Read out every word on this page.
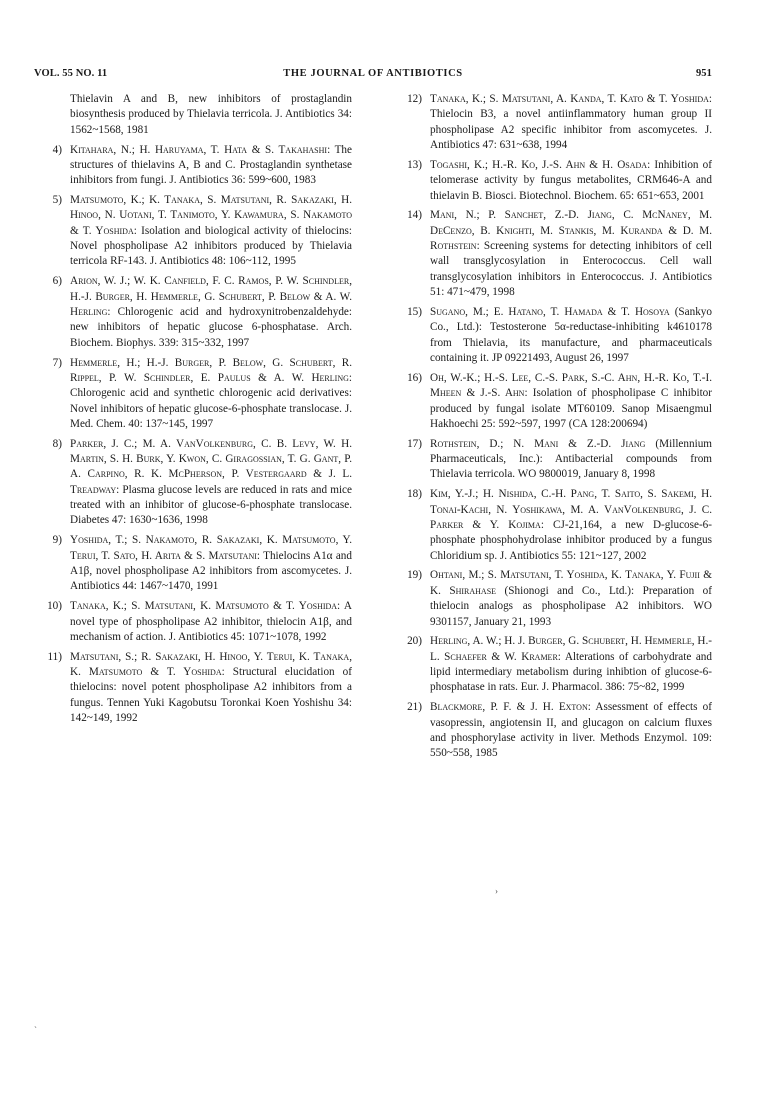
VOL. 55 NO. 11	THE JOURNAL OF ANTIBIOTICS	951
Thielavin A and B, new inhibitors of prostaglandin biosynthesis produced by Thielavia terricola. J. Antibiotics 34: 1562~1568, 1981
4) Kitahara, N.; H. Haruyama, T. Hata & S. Takahashi: The structures of thielavins A, B and C. Prostaglandin synthetase inhibitors from fungi. J. Antibiotics 36: 599~600, 1983
5) Matsumoto, K.; K. Tanaka, S. Matsutani, R. Sakazaki, H. Hinoo, N. Uotani, T. Tanimoto, Y. Kawamura, S. Nakamoto & T. Yoshida: Isolation and biological activity of thielocins: Novel phospholipase A2 inhibitors produced by Thielavia terricola RF-143. J. Antibiotics 48: 106~112, 1995
6) Arion, W. J.; W. K. Canfield, F. C. Ramos, P. W. Schindler, H.-J. Burger, H. Hemmerle, G. Schubert, P. Below & A. W. Herling: Chlorogenic acid and hydroxynitrobenzaldehyde: new inhibitors of hepatic glucose 6-phosphatase. Arch. Biochem. Biophys. 339: 315~332, 1997
7) Hemmerle, H.; H.-J. Burger, P. Below, G. Schubert, R. Rippel, P. W. Schindler, E. Paulus & A. W. Herling: Chlorogenic acid and synthetic chlorogenic acid derivatives: Novel inhibitors of hepatic glucose-6-phosphate translocase. J. Med. Chem. 40: 137~145, 1997
8) Parker, J. C.; M. A. VanVolkenburg, C. B. Levy, W. H. Martin, S. H. Burk, Y. Kwon, C. Giragossian, T. G. Gant, P. A. Carpino, R. K. McPherson, P. Vestergaard & J. L. Treadway: Plasma glucose levels are reduced in rats and mice treated with an inhibitor of glucose-6-phosphate translocase. Diabetes 47: 1630~1636, 1998
9) Yoshida, T.; S. Nakamoto, R. Sakazaki, K. Matsumoto, Y. Terui, T. Sato, H. Arita & S. Matsutani: Thielocins A1α and A1β, novel phospholipase A2 inhibitors from ascomycetes. J. Antibiotics 44: 1467~1470, 1991
10) Tanaka, K.; S. Matsutani, K. Matsumoto & T. Yoshida: A novel type of phospholipase A2 inhibitor, thielocin A1β, and mechanism of action. J. Antibiotics 45: 1071~1078, 1992
11) Matsutani, S.; R. Sakazaki, H. Hinoo, Y. Terui, K. Tanaka, K. Matsumoto & T. Yoshida: Structural elucidation of thielocins: novel potent phospholipase A2 inhibitors from a fungus. Tennen Yuki Kagobutsu Toronkai Koen Yoshishu 34: 142~149, 1992
12) Tanaka, K.; S. Matsutani, A. Kanda, T. Kato & T. Yoshida: Thielocin B3, a novel antiinflammatory human group II phospholipase A2 specific inhibitor from ascomycetes. J. Antibiotics 47: 631~638, 1994
13) Togashi, K.; H.-R. Ko, J.-S. Ahn & H. Osada: Inhibition of telomerase activity by fungus metabolites, CRM646-A and thielavin B. Biosci. Biotechnol. Biochem. 65: 651~653, 2001
14) Mani, N.; P. Sanchet, Z.-D. Jiang, C. McNaney, M. DeCenzo, B. Knighti, M. Stankis, M. Kuranda & D. M. Rothstein: Screening systems for detecting inhibitors of cell wall transglycosylation in Enterococcus. Cell wall transglycosylation inhibitors in Enterococcus. J. Antibiotics 51: 471~479, 1998
15) Sugano, M.; E. Hatano, T. Hamada & T. Hosoya (Sankyo Co., Ltd.): Testosterone 5α-reductase-inhibiting k4610178 from Thielavia, its manufacture, and pharmaceuticals containing it. JP 09221493, August 26, 1997
16) Oh, W.-K.; H.-S. Lee, C.-S. Park, S.-C. Ahn, H.-R. Ko, T.-I. Mheen & J.-S. Ahn: Isolation of phospholipase C inhibitor produced by fungal isolate MT60109. Sanop Misaengmul Hakhoechi 25: 592~597, 1997 (CA 128:200694)
17) Rothstein, D.; N. Mani & Z.-D. Jiang (Millennium Pharmaceuticals, Inc.): Antibacterial compounds from Thielavia terricola. WO 9800019, January 8, 1998
18) Kim, Y.-J.; H. Nishida, C.-H. Pang, T. Saito, S. Sakemi, H. Tonai-Kachi, N. Yoshikawa, M. A. VanVolkenburg, J. C. Parker & Y. Kojima: CJ-21,164, a new D-glucose-6-phosphate phosphohydrolase inhibitor produced by a fungus Chloridium sp. J. Antibiotics 55: 121~127, 2002
19) Ohtani, M.; S. Matsutani, T. Yoshida, K. Tanaka, Y. Fujii & K. Shirahase (Shionogi and Co., Ltd.): Preparation of thielocin analogs as phospholipase A2 inhibitors. WO 9301157, January 21, 1993
20) Herling, A. W.; H. J. Burger, G. Schubert, H. Hemmerle, H.-L. Schaefer & W. Kramer: Alterations of carbohydrate and lipid intermediary metabolism during inhibtion of glucose-6-phosphatase in rats. Eur. J. Pharmacol. 386: 75~82, 1999
21) Blackmore, P. F. & J. H. Exton: Assessment of effects of vasopressin, angiotensin II, and glucagon on calcium fluxes and phosphorylase activity in liver. Methods Enzymol. 109: 550~558, 1985
›
`
